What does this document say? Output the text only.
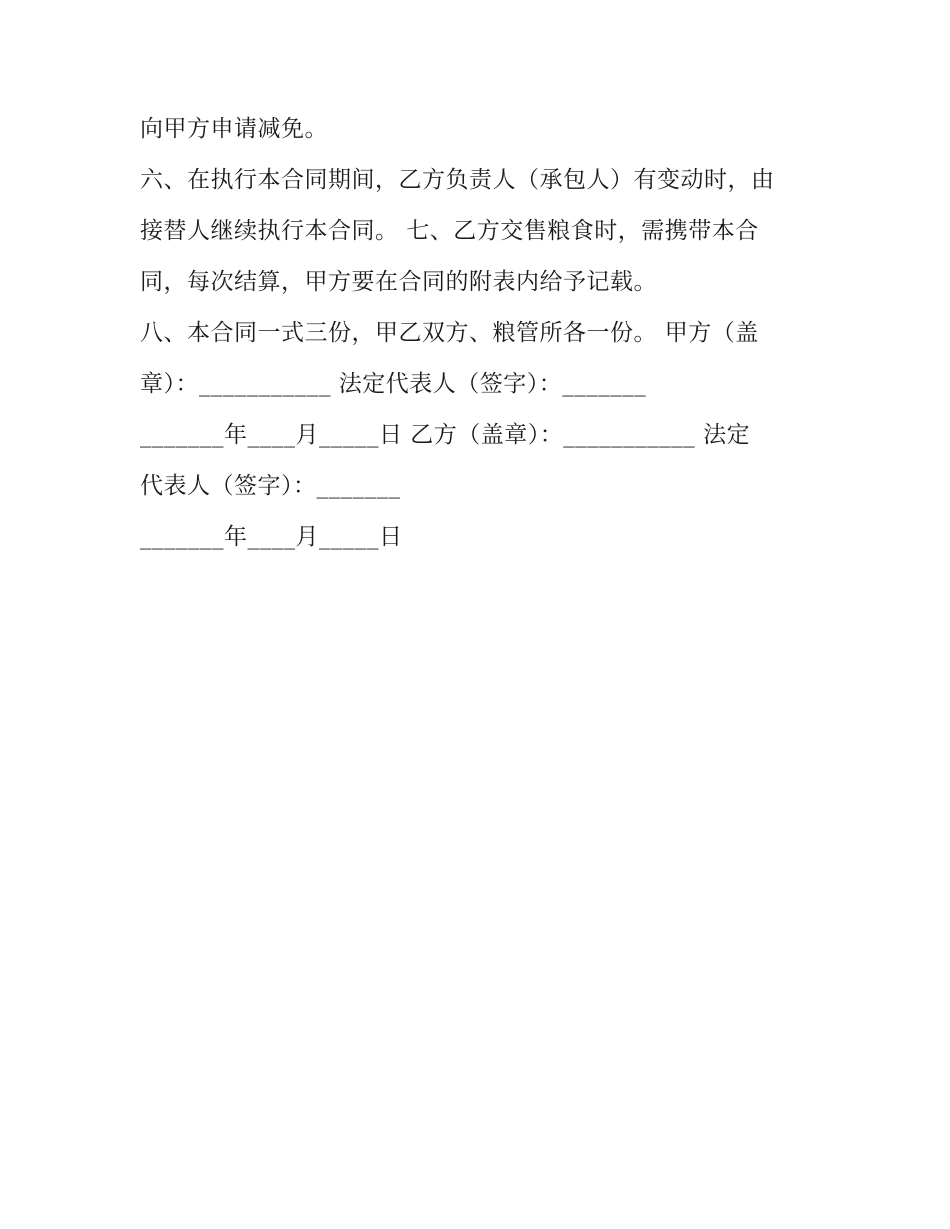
向甲方申请减免。
六、在执行本合同期间，乙方负责人（承包人）有变动时，由
接替人继续执行本合同。 七、乙方交售粮食时，需携带本合
同，每次结算，甲方要在合同的附表内给予记载。
八、本合同一式三份，甲乙双方、粮管所各一份。 甲方（盖
章）：___________ 法定代表人（签字）：_______
_______年____月_____日 乙方（盖章）：___________ 法定
代表人（签字）：_______
_______年____月_____日
